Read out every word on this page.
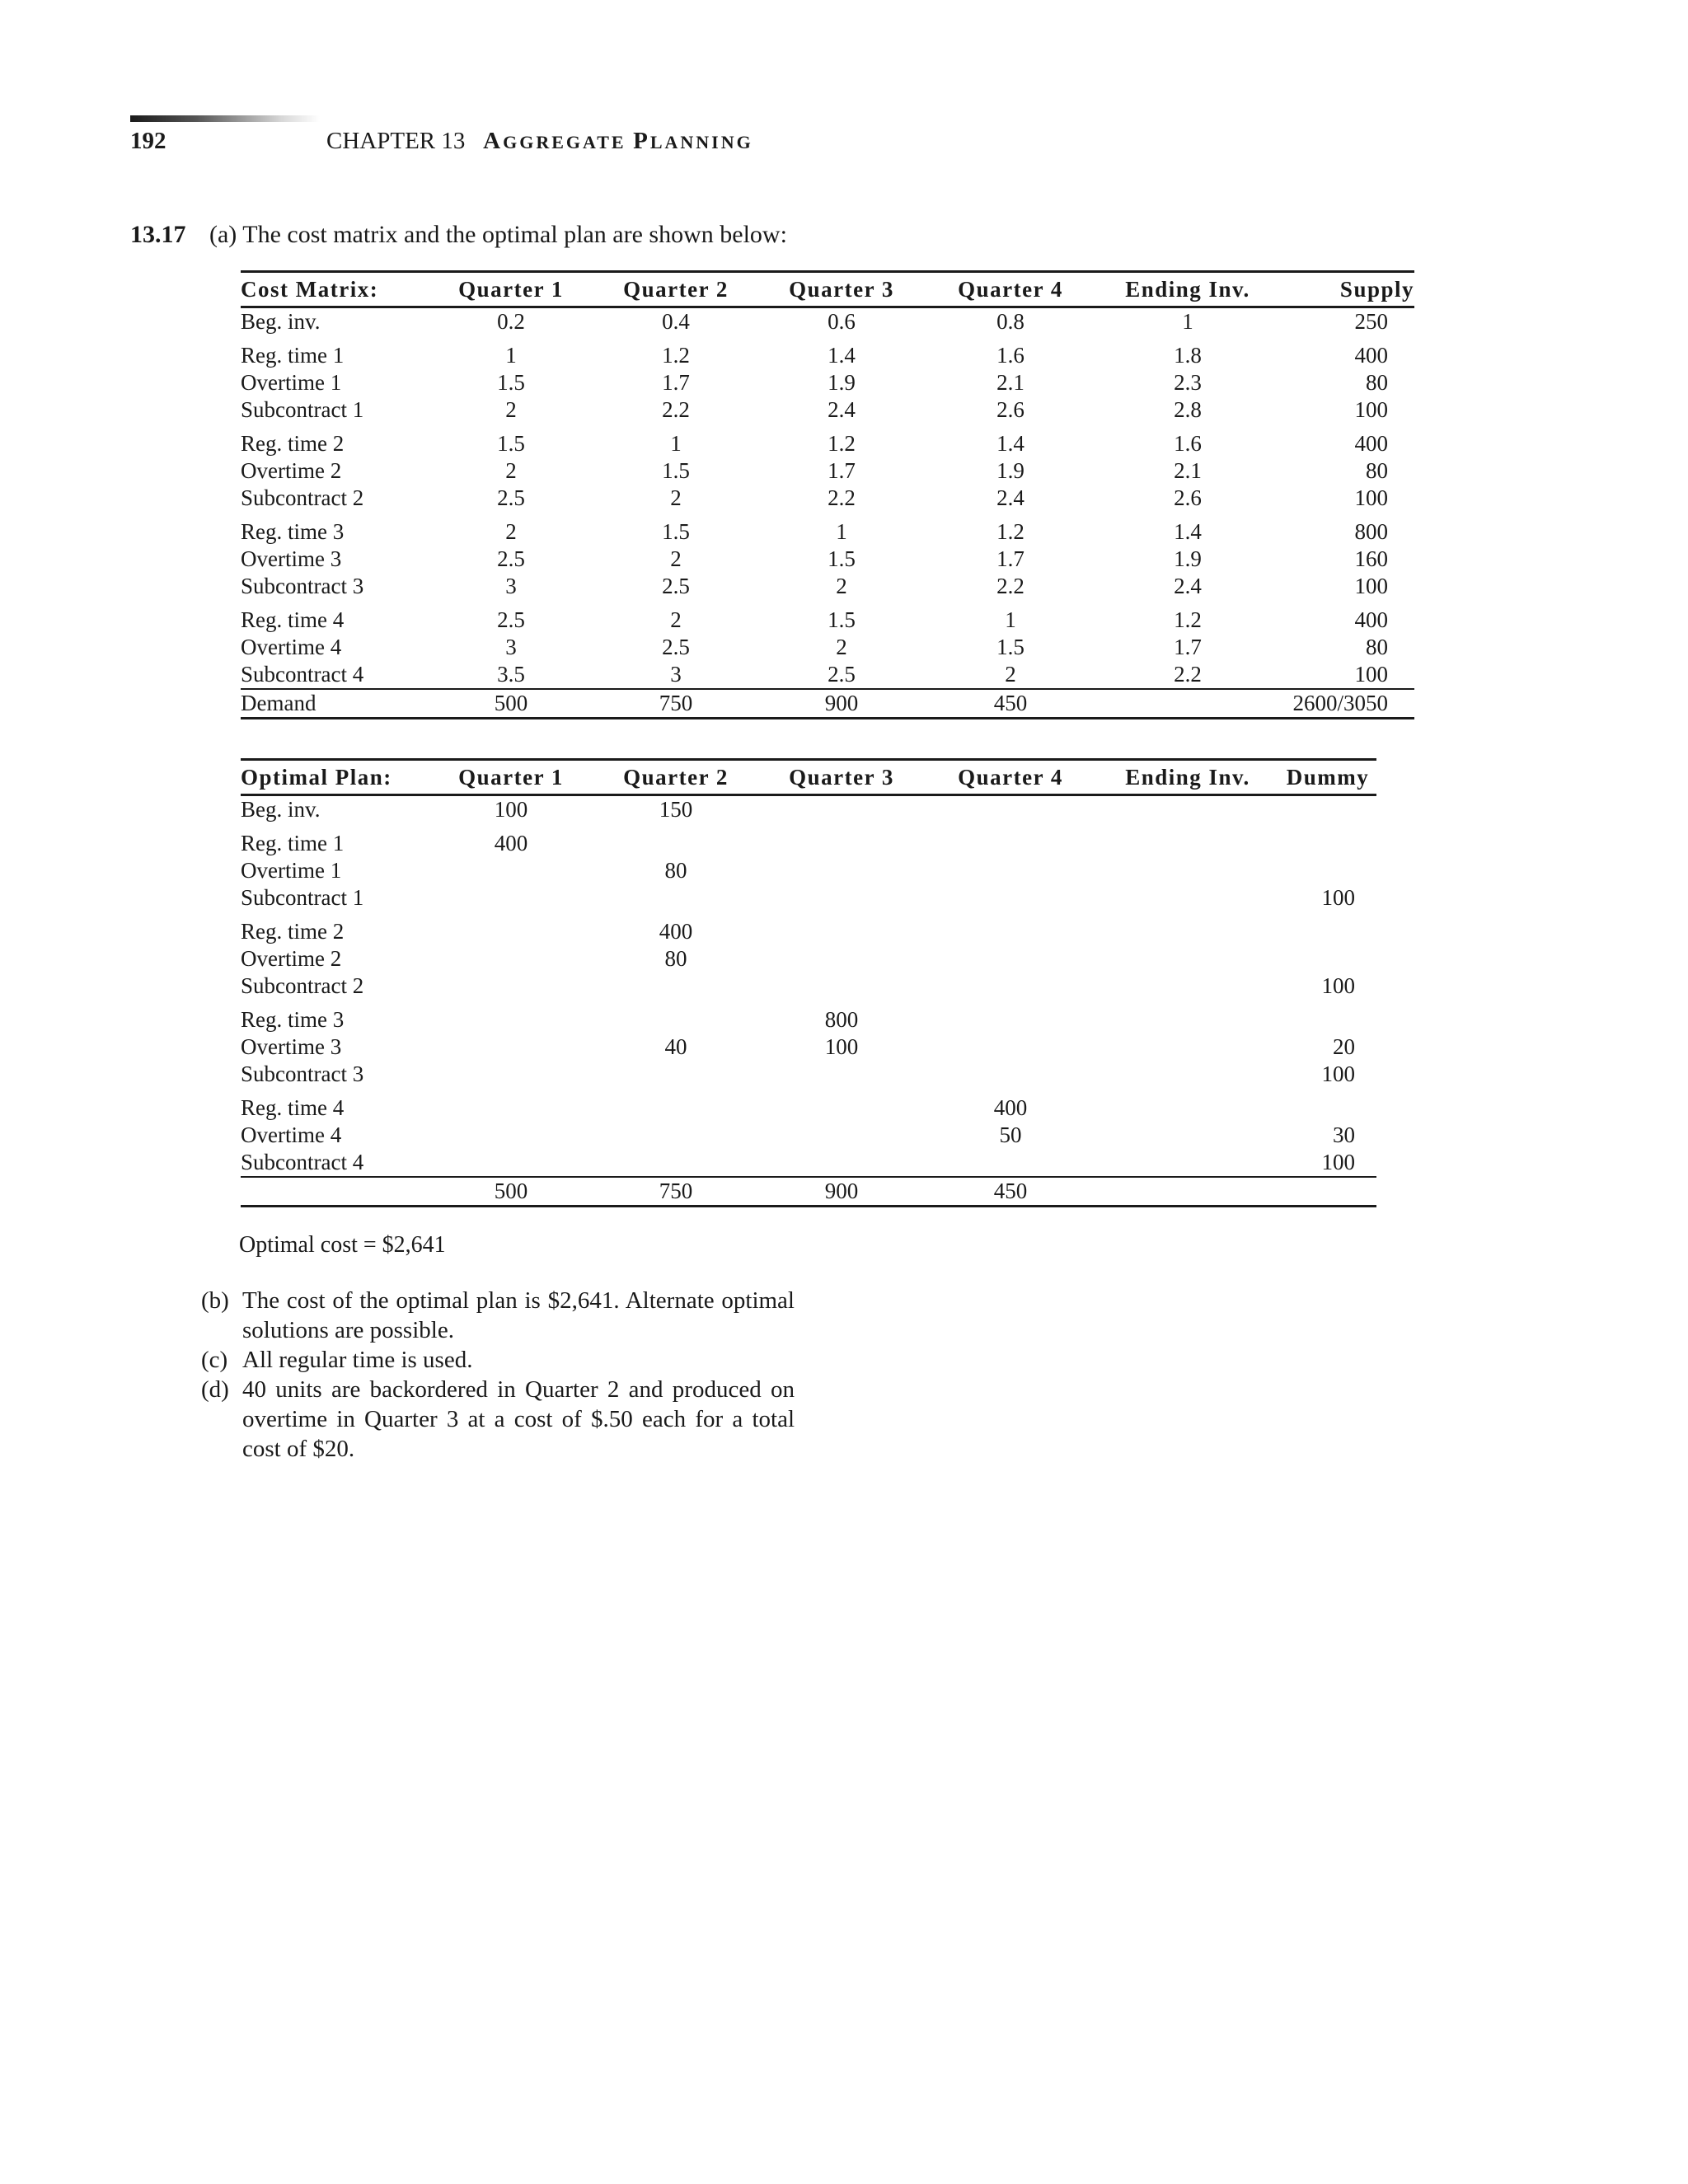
192	CHAPTER 13 AGGREGATE PLANNING
13.17 (a) The cost matrix and the optimal plan are shown below:
Cost Matrix:	Quarter 1	Quarter 2	Quarter 3	Quarter 4	Ending Inv.	Supply
Beg. inv.	0.2	0.4	0.6	0.8	1	250
Reg. time 1	1	1.2	1.4	1.6	1.8	400
Overtime 1	1.5	1.7	1.9	2.1	2.3	80
Subcontract 1	2	2.2	2.4	2.6	2.8	100
Reg. time 2	1.5	1	1.2	1.4	1.6	400
Overtime 2	2	1.5	1.7	1.9	2.1	80
Subcontract 2	2.5	2	2.2	2.4	2.6	100
Reg. time 3	2	1.5	1	1.2	1.4	800
Overtime 3	2.5	2	1.5	1.7	1.9	160
Subcontract 3	3	2.5	2	2.2	2.4	100
Reg. time 4	2.5	2	1.5	1	1.2	400
Overtime 4	3	2.5	2	1.5	1.7	80
Subcontract 4	3.5	3	2.5	2	2.2	100
Demand	500	750	900	450		2600/3050
Optimal Plan:	Quarter 1	Quarter 2	Quarter 3	Quarter 4	Ending Inv.	Dummy
Beg. inv.	100	150				
Reg. time 1	400					
Overtime 1		80				
Subcontract 1						100
Reg. time 2		400				
Overtime 2		80				
Subcontract 2						100
Reg. time 3			800			
Overtime 3		40	100			20
Subcontract 3						100
Reg. time 4				400		
Overtime 4				50		30
Subcontract 4						100
	500	750	900	450		
Optimal cost = $2,641
(b) The cost of the optimal plan is $2,641. Alternate optimal solutions are possible.
(c) All regular time is used.
(d) 40 units are backordered in Quarter 2 and produced on overtime in Quarter 3 at a cost of $.50 each for a total cost of $20.
